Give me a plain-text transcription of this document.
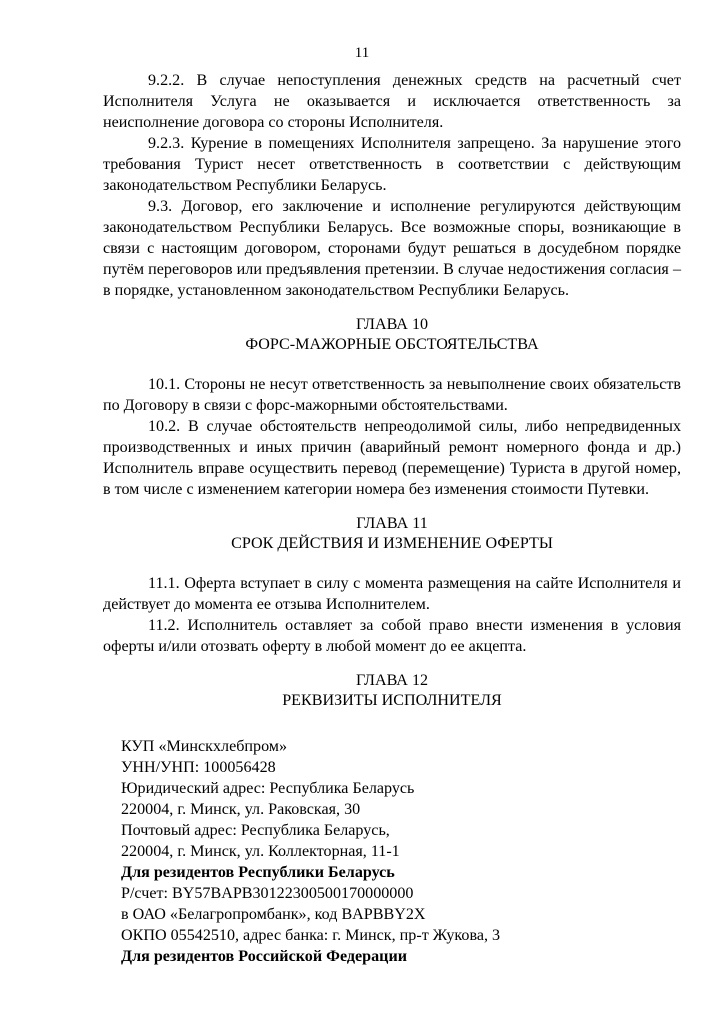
11

9.2.2. В случае непоступления денежных средств на расчетный счет Исполнителя Услуга не оказывается и исключается ответственность за неисполнение договора со стороны Исполнителя.

9.2.3. Курение в помещениях Исполнителя запрещено. За нарушение этого требования Турист несет ответственность в соответствии с действующим законодательством Республики Беларусь.

9.3. Договор, его заключение и исполнение регулируются действующим законодательством Республики Беларусь. Все возможные споры, возникающие в связи с настоящим договором, сторонами будут решаться в досудебном порядке путём переговоров или предъявления претензии. В случае недостижения согласия – в порядке, установленном законодательством Республики Беларусь.

ГЛАВА 10
ФОРС-МАЖОРНЫЕ ОБСТОЯТЕЛЬСТВА

10.1. Стороны не несут ответственность за невыполнение своих обязательств по Договору в связи с форс-мажорными обстоятельствами.

10.2. В случае обстоятельств непреодолимой силы, либо непредвиденных производственных и иных причин (аварийный ремонт номерного фонда и др.) Исполнитель вправе осуществить перевод (перемещение) Туриста в другой номер, в том числе с изменением категории номера без изменения стоимости Путевки.

ГЛАВА 11
СРОК ДЕЙСТВИЯ И ИЗМЕНЕНИЕ ОФЕРТЫ

11.1. Оферта вступает в силу с момента размещения на сайте Исполнителя и действует до момента ее отзыва Исполнителем.

11.2. Исполнитель оставляет за собой право внести изменения в условия оферты и/или отозвать оферту в любой момент до ее акцепта.

ГЛАВА 12
РЕКВИЗИТЫ ИСПОЛНИТЕЛЯ

КУП «Минскхлебпром»

УНН/УНП: 100056428

Юридический адрес: Республика Беларусь

220004, г. Минск, ул. Раковская, 30

Почтовый адрес: Республика Беларусь,

220004, г. Минск, ул. Коллекторная, 11-1

Для резидентов Республики Беларусь

Р/счет: BY57BAPB30122300500170000000

в ОАО «Белагропромбанк», код BAPBBY2X

ОКПО 05542510, адрес банка: г. Минск, пр-т Жукова, 3

Для резидентов Российской Федерации
